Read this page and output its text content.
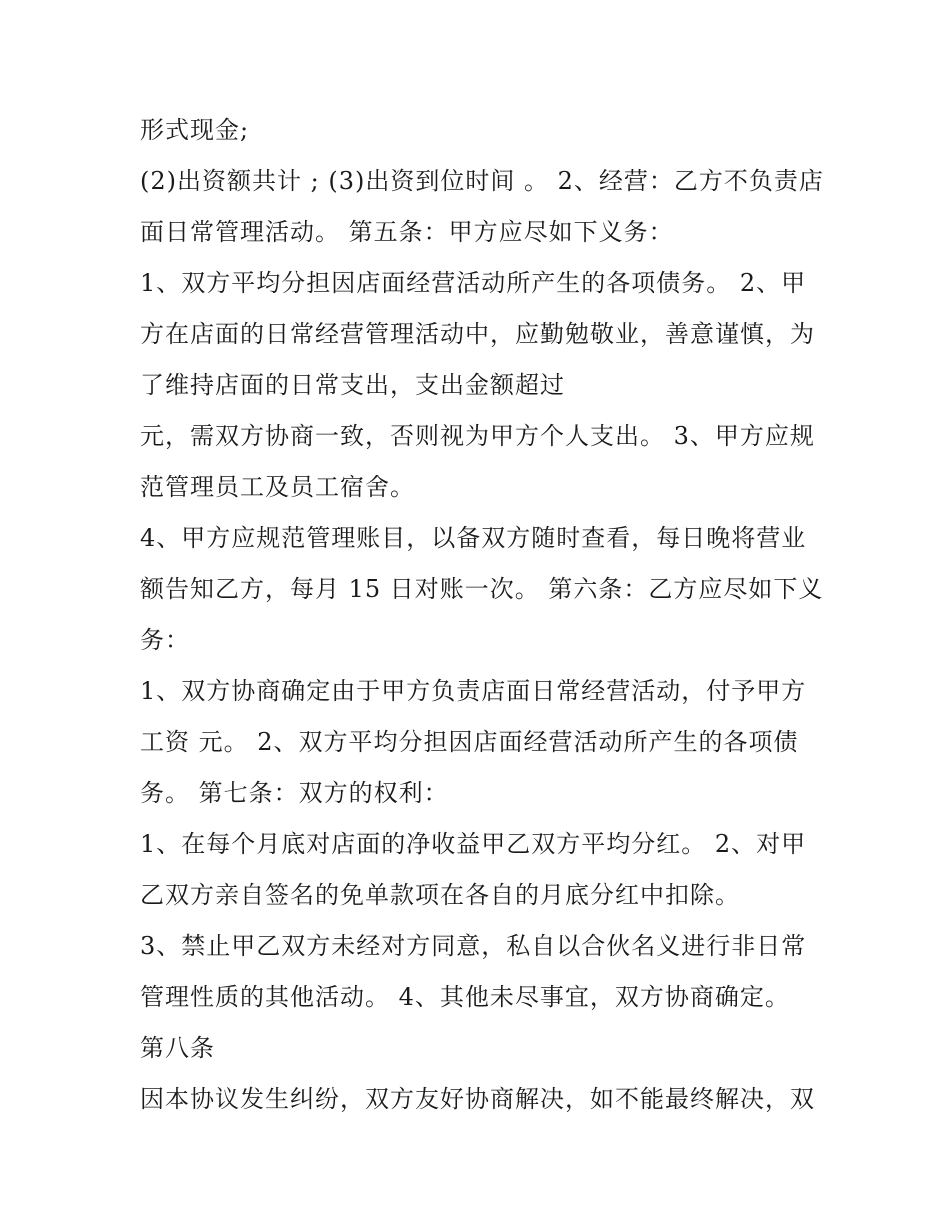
形式现金;
(2)出资额共计 ; (3)出资到位时间 。 2、经营：乙方不负责店
面日常管理活动。 第五条：甲方应尽如下义务：
1、双方平均分担因店面经营活动所产生的各项债务。 2、甲
方在店面的日常经营管理活动中，应勤勉敬业，善意谨慎，为
了维持店面的日常支出，支出金额超过
元，需双方协商一致，否则视为甲方个人支出。 3、甲方应规
范管理员工及员工宿舍。
4、甲方应规范管理账目，以备双方随时查看，每日晚将营业
额告知乙方，每月 15 日对账一次。 第六条：乙方应尽如下义
务：
1、双方协商确定由于甲方负责店面日常经营活动，付予甲方
工资 元。 2、双方平均分担因店面经营活动所产生的各项债
务。 第七条：双方的权利：
1、在每个月底对店面的净收益甲乙双方平均分红。 2、对甲
乙双方亲自签名的免单款项在各自的月底分红中扣除。
3、禁止甲乙双方未经对方同意，私自以合伙名义进行非日常
管理性质的其他活动。 4、其他未尽事宜，双方协商确定。
第八条
因本协议发生纠纷，双方友好协商解决，如不能最终解决，双
